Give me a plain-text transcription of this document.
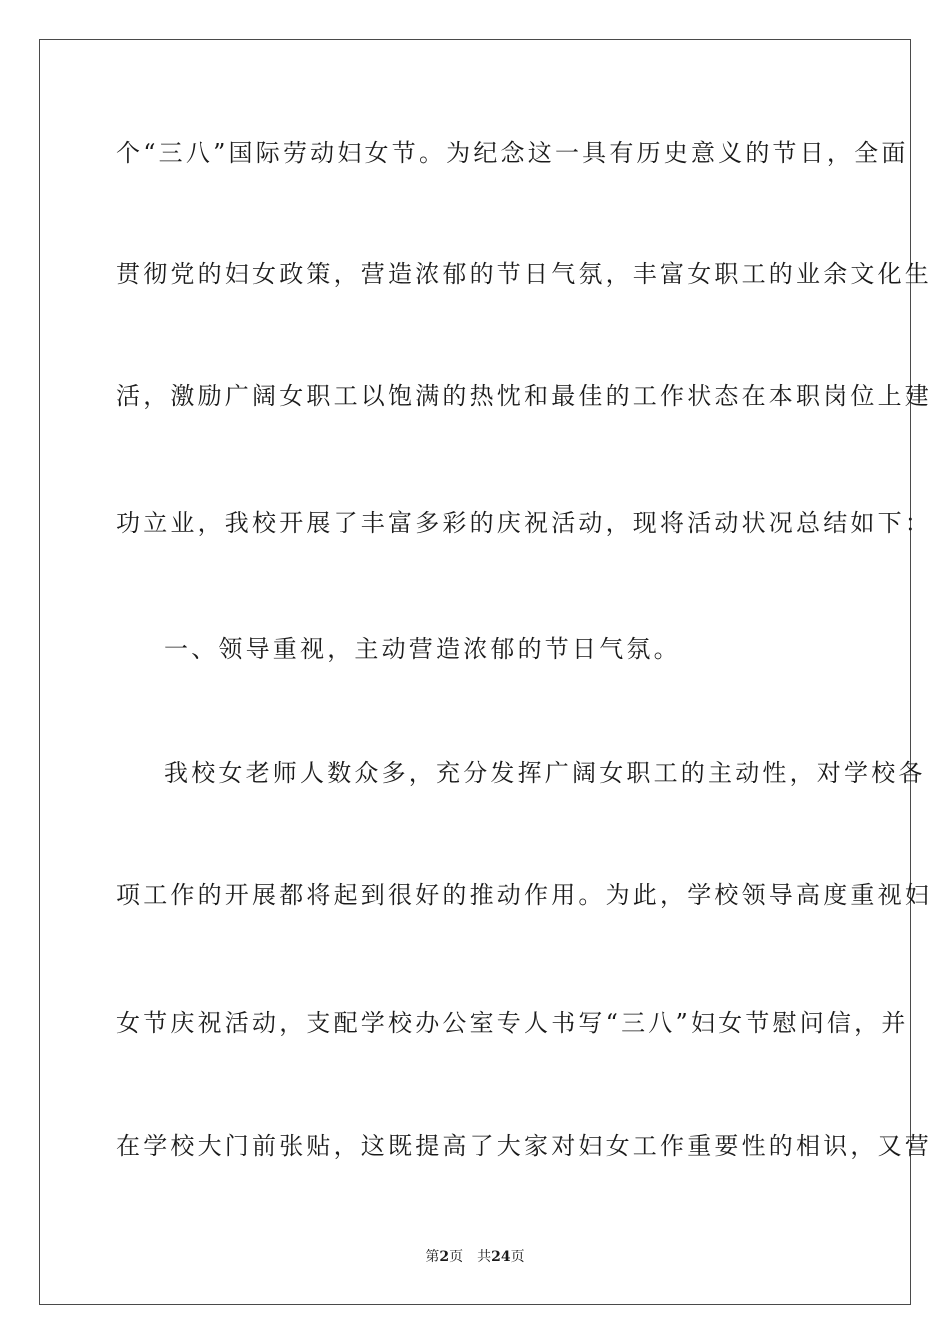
个“三八”国际劳动妇女节。为纪念这一具有历史意义的节日，全面
贯彻党的妇女政策，营造浓郁的节日气氛，丰富女职工的业余文化生
活，激励广阔女职工以饱满的热忱和最佳的工作状态在本职岗位上建
功立业，我校开展了丰富多彩的庆祝活动，现将活动状况总结如下：
一、领导重视，主动营造浓郁的节日气氛。
我校女老师人数众多，充分发挥广阔女职工的主动性，对学校各
项工作的开展都将起到很好的推动作用。为此，学校领导高度重视妇
女节庆祝活动，支配学校办公室专人书写“三八”妇女节慰问信，并
在学校大门前张贴，这既提高了大家对妇女工作重要性的相识，又营
第2页 共24页
